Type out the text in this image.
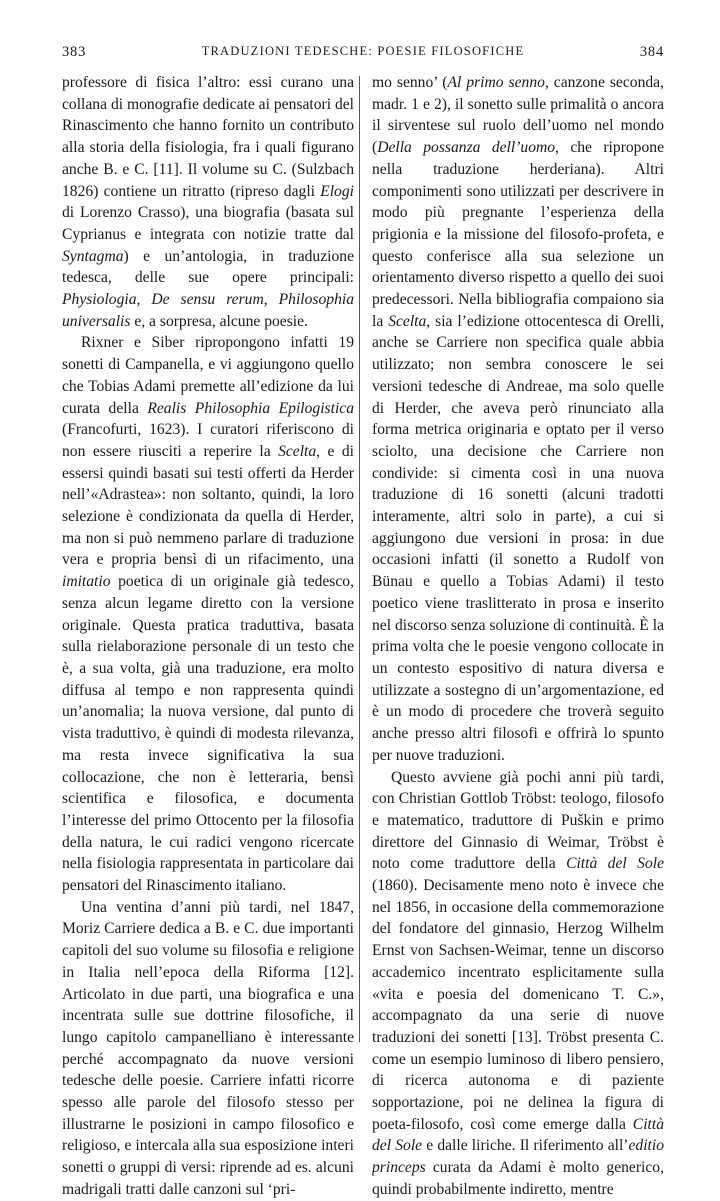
383	TRADUZIONI TEDESCHE: POESIE FILOSOFICHE	384

professore di fisica l’altro: essi curano una collana di monografie dedicate ai pensatori del Rinascimento che hanno fornito un contributo alla storia della fisiologia, fra i quali figurano anche B. e C. [11]. Il volume su C. (Sulzbach 1826) contiene un ritratto (ripreso dagli Elogi di Lorenzo Crasso), una biografia (basata sul Cyprianus e integrata con notizie tratte dal Syntagma) e un’antologia, in traduzione tedesca, delle sue opere principali: Physiologia, De sensu rerum, Philosophia universalis e, a sorpresa, alcune poesie.

Rixner e Siber ripropongono infatti 19 sonetti di Campanella, e vi aggiungono quello che Tobias Adami premette all’edizione da lui curata della Realis Philosophia Epilogistica (Francofurti, 1623). I curatori riferiscono di non essere riusciti a reperire la Scelta, e di essersi quindi basati sui testi offerti da Herder nell’«Adrastea»: non soltanto, quindi, la loro selezione è condizionata da quella di Herder, ma non si può nemmeno parlare di traduzione vera e propria bensì di un rifacimento, una imitatio poetica di un originale già tedesco, senza alcun legame diretto con la versione originale. Questa pratica traduttiva, basata sulla rielaborazione personale di un testo che è, a sua volta, già una traduzione, era molto diffusa al tempo e non rappresenta quindi un’anomalia; la nuova versione, dal punto di vista traduttivo, è quindi di modesta rilevanza, ma resta invece significativa la sua collocazione, che non è letteraria, bensì scientifica e filosofica, e documenta l’interesse del primo Ottocento per la filosofia della natura, le cui radici vengono ricercate nella fisiologia rappresentata in particolare dai pensatori del Rinascimento italiano.

Una ventina d’anni più tardi, nel 1847, Moriz Carriere dedica a B. e C. due importanti capitoli del suo volume su filosofia e religione in Italia nell’epoca della Riforma [12]. Articolato in due parti, una biografica e una incentrata sulle sue dottrine filosofiche, il lungo capitolo campanelliano è interessante perché accompagnato da nuove versioni tedesche delle poesie. Carriere infatti ricorre spesso alle parole del filosofo stesso per illustrarne le posizioni in campo filosofico e religioso, e intercala alla sua esposizione interi sonetti o gruppi di versi: riprende ad es. alcuni madrigali tratti dalle canzoni sul ‘pri-

mo senno’ (Al primo senno, canzone seconda, madr. 1 e 2), il sonetto sulle primalità o ancora il sirventese sul ruolo dell’uomo nel mondo (Della possanza dell’uomo, che ripropone nella traduzione herderiana). Altri componimenti sono utilizzati per descrivere in modo più pregnante l’esperienza della prigionia e la missione del filosofo-profeta, e questo conferisce alla sua selezione un orientamento diverso rispetto a quello dei suoi predecessori. Nella bibliografia compaiono sia la Scelta, sia l’edizione ottocentesca di Orelli, anche se Carriere non specifica quale abbia utilizzato; non sembra conoscere le sei versioni tedesche di Andreae, ma solo quelle di Herder, che aveva però rinunciato alla forma metrica originaria e optato per il verso sciolto, una decisione che Carriere non condivide: si cimenta così in una nuova traduzione di 16 sonetti (alcuni tradotti interamente, altri solo in parte), a cui si aggiungono due versioni in prosa: in due occasioni infatti (il sonetto a Rudolf von Bünau e quello a Tobias Adami) il testo poetico viene traslitterato in prosa e inserito nel discorso senza soluzione di continuità. È la prima volta che le poesie vengono collocate in un contesto espositivo di natura diversa e utilizzate a sostegno di un’argomentazione, ed è un modo di procedere che troverà seguito anche presso altri filosofi e offrirà lo spunto per nuove traduzioni.

Questo avviene già pochi anni più tardi, con Christian Gottlob Tröbst: teologo, filosofo e matematico, traduttore di Puškin e primo direttore del Ginnasio di Weimar, Tröbst è noto come traduttore della Città del Sole (1860). Decisamente meno noto è invece che nel 1856, in occasione della commemorazione del fondatore del ginnasio, Herzog Wilhelm Ernst von Sachsen-Weimar, tenne un discorso accademico incentrato esplicitamente sulla «vita e poesia del domenicano T. C.», accompagnato da una serie di nuove traduzioni dei sonetti [13]. Tröbst presenta C. come un esempio luminoso di libero pensiero, di ricerca autonoma e di paziente sopportazione, poi ne delinea la figura di poeta-filosofo, così come emerge dalla Città del Sole e dalle liriche. Il riferimento all’editio princeps curata da Adami è molto generico, quindi probabilmente indiretto, mentre
